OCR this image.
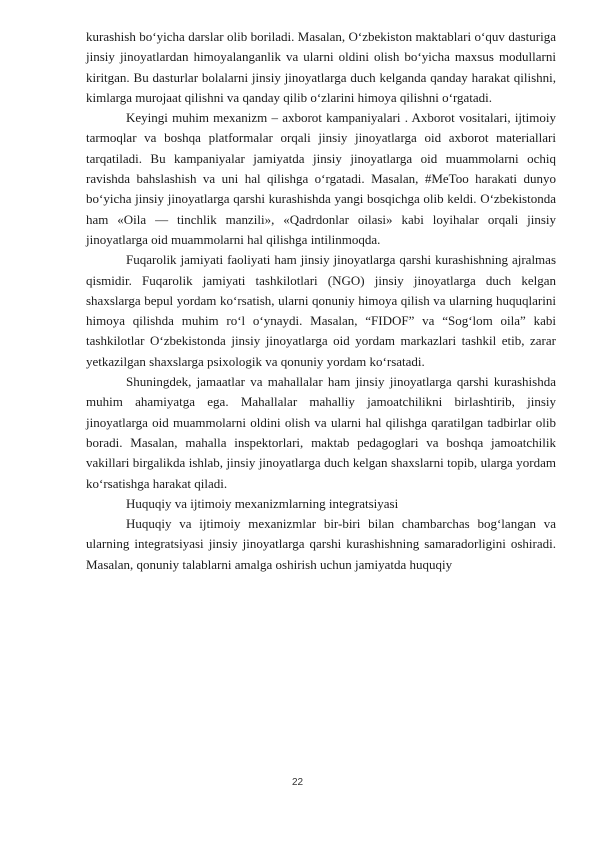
kurashish bo‘yicha darslar olib boriladi. Masalan, O‘zbekiston maktablari o‘quv dasturiga jinsiy jinoyatlardan himoyalanganlik va ularni oldini olish bo‘yicha maxsus modullarni kiritgan. Bu dasturlar bolalarni jinsiy jinoyatlarga duch kelganda qanday harakat qilishni, kimlarga murojaat qilishni va qanday qilib o‘zlarini himoya qilishni o‘rgatadi.

Keyingi muhim mexanizm – axborot kampaniyalari . Axborot vositalari, ijtimoiy tarmoqlar va boshqa platformalar orqali jinsiy jinoyatlarga oid axborot materiallari tarqatiladi. Bu kampaniyalar jamiyatda jinsiy jinoyatlarga oid muammolarni ochiq ravishda bahslashish va uni hal qilishga o‘rgatadi. Masalan, #MeToo harakati dunyo bo‘yicha jinsiy jinoyatlarga qarshi kurashishda yangi bosqichga olib keldi. O‘zbekistonda ham «Oila — tinchlik manzili», «Qadrdonlar oilasi» kabi loyihalar orqali jinsiy jinoyatlarga oid muammolarni hal qilishga intilinmoqda.

Fuqarolik jamiyati faoliyati ham jinsiy jinoyatlarga qarshi kurashishning ajralmas qismidir. Fuqarolik jamiyati tashkilotlari (NGO) jinsiy jinoyatlarga duch kelgan shaxslarga bepul yordam ko‘rsatish, ularni qonuniy himoya qilish va ularning huquqlarini himoya qilishda muhim ro‘l o‘ynaydi. Masalan, “FIDOF” va “Sog‘lom oila” kabi tashkilotlar O‘zbekistonda jinsiy jinoyatlarga oid yordam markazlari tashkil etib, zarar yetkazilgan shaxslarga psixologik va qonuniy yordam ko‘rsatadi.

Shuningdek, jamaatlar va mahallalar ham jinsiy jinoyatlarga qarshi kurashishda muhim ahamiyatga ega. Mahallalar mahalliy jamoatchilikni birlashtirib, jinsiy jinoyatlarga oid muammolarni oldini olish va ularni hal qilishga qaratilgan tadbirlar olib boradi. Masalan, mahalla inspektorlari, maktab pedagoglari va boshqa jamoatchilik vakillari birgalikda ishlab, jinsiy jinoyatlarga duch kelgan shaxslarni topib, ularga yordam ko‘rsatishga harakat qiladi.

Huquqiy va ijtimoiy mexanizmlarning integratsiyasi

Huquqiy va ijtimoiy mexanizmlar bir-biri bilan chambarchas bog‘langan va ularning integratsiyasi jinsiy jinoyatlarga qarshi kurashishning samaradorligini oshiradi. Masalan, qonuniy talablarni amalga oshirish uchun jamiyatda huquqiy

22
